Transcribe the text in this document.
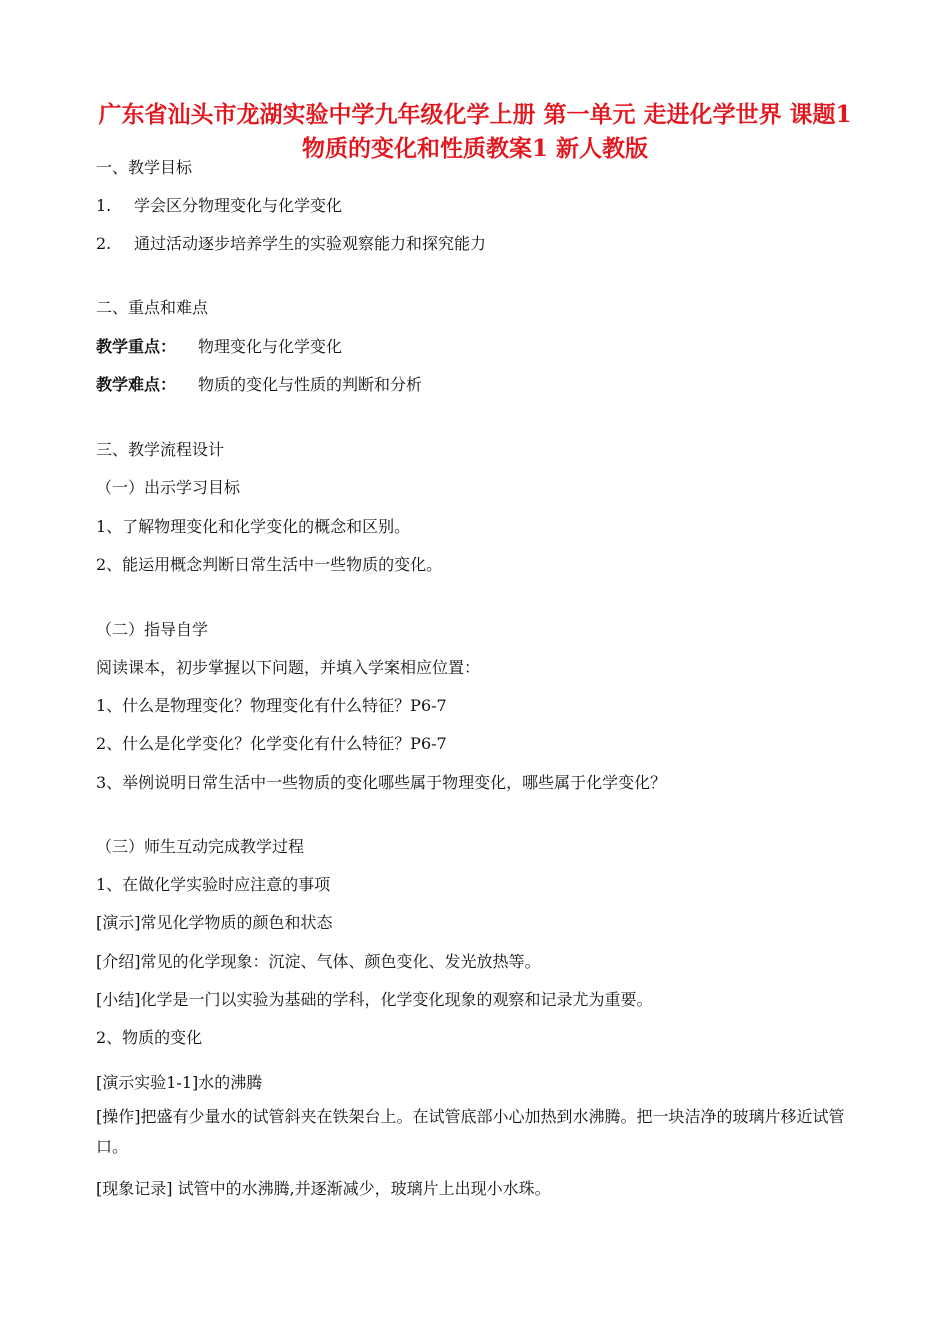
广东省汕头市龙湖实验中学九年级化学上册 第一单元 走进化学世界 课题1 物质的变化和性质教案1 新人教版
一、教学目标
1. 学会区分物理变化与化学变化
2. 通过活动逐步培养学生的实验观察能力和探究能力
二、重点和难点
教学重点： 物理变化与化学变化
教学难点： 物质的变化与性质的判断和分析
三、教学流程设计
（一）出示学习目标
1、了解物理变化和化学变化的概念和区别。
2、能运用概念判断日常生活中一些物质的变化。
（二）指导自学
阅读课本，初步掌握以下问题，并填入学案相应位置：
1、什么是物理变化？物理变化有什么特征？P6-7
2、什么是化学变化？化学变化有什么特征？P6-7
3、举例说明日常生活中一些物质的变化哪些属于物理变化，哪些属于化学变化？
（三）师生互动完成教学过程
1、在做化学实验时应注意的事项
[演示]常见化学物质的颜色和状态
[介绍]常见的化学现象：沉淀、气体、颜色变化、发光放热等。
[小结]化学是一门以实验为基础的学科，化学变化现象的观察和记录尤为重要。
2、物质的变化
[演示实验1-1]水的沸腾
[操作]把盛有少量水的试管斜夹在铁架台上。在试管底部小心加热到水沸腾。把一块洁净的玻璃片移近试管口。
[现象记录] 试管中的水沸腾,并逐渐减少，玻璃片上出现小水珠。
